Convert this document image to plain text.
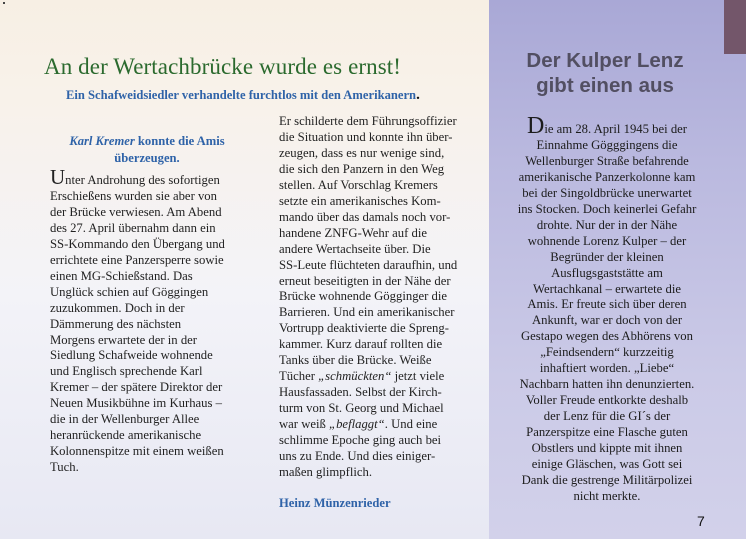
An der Wertachbrücke wurde es ernst!
Ein Schafweidsiedler verhandelte furchtlos mit den Amerikanern.
Karl Kremer konnte die Amis
überzeugen.
Unter Androhung des sofortigen
Erschießens wurden sie aber von
der Brücke verwiesen. Am Abend
des 27. April übernahm dann ein
SS-Kommando den Übergang und
errichtete eine Panzersperre sowie
einen MG-Schießstand. Das
Unglück schien auf Göggingen
zuzukommen. Doch in der
Dämmerung des nächsten
Morgens erwartete der in der
Siedlung Schafweide wohnende
und Englisch sprechende Karl
Kremer – der spätere Direktor der
Neuen Musikbühne im Kurhaus –
die in der Wellenburger Allee
heranrückende amerikanische
Kolonnenspitze mit einem weißen
Tuch.
Er schilderte dem Führungsoffizier
die Situation und konnte ihn über-
zeugen, dass es nur wenige sind,
die sich den Panzern in den Weg
stellen. Auf Vorschlag Kremers
setzte ein amerikanisches Kom-
mando über das damals noch vor-
handene ZNFG-Wehr auf die
andere Wertachseite über. Die
SS-Leute flüchteten daraufhin, und
erneut beseitigten in der Nähe der
Brücke wohnende Gögginger die
Barrieren. Und ein amerikanischer
Vortrupp deaktivierte die Spreng-
kammer. Kurz darauf rollten die
Tanks über die Brücke. Weiße
Tücher „schmückten“ jetzt viele
Hausfassaden. Selbst der Kirch-
turm von St. Georg und Michael
war weiß „beflaggt“. Und eine
schlimme Epoche ging auch bei
uns zu Ende. Und dies einiger-
maßen glimpflich.
Heinz Münzenrieder
Der Kulper Lenz
gibt einen aus
Die am 28. April 1945 bei der
Einnahme Gögggingens die
Wellenburger Straße befahrende
amerikanische Panzerkolonne kam
bei der Singoldbrücke unerwartet
ins Stocken. Doch keinerlei Gefahr
drohte. Nur der in der Nähe
wohnende Lorenz Kulper – der
Begründer der kleinen
Ausflugsgaststätte am
Wertachkanal – erwartete die
Amis. Er freute sich über deren
Ankunft, war er doch von der
Gestapo wegen des Abhörens von
„Feindsendern“ kurzzeitig
inhaftiert worden. „Liebe“
Nachbarn hatten ihn denunzierten.
Voller Freude entkorkte deshalb
der Lenz für die GI´s der
Panzerspitze eine Flasche guten
Obstlers und kippte mit ihnen
einige Gläschen, was Gott sei
Dank die gestrenge Militärpolizei
nicht merkte.
7
